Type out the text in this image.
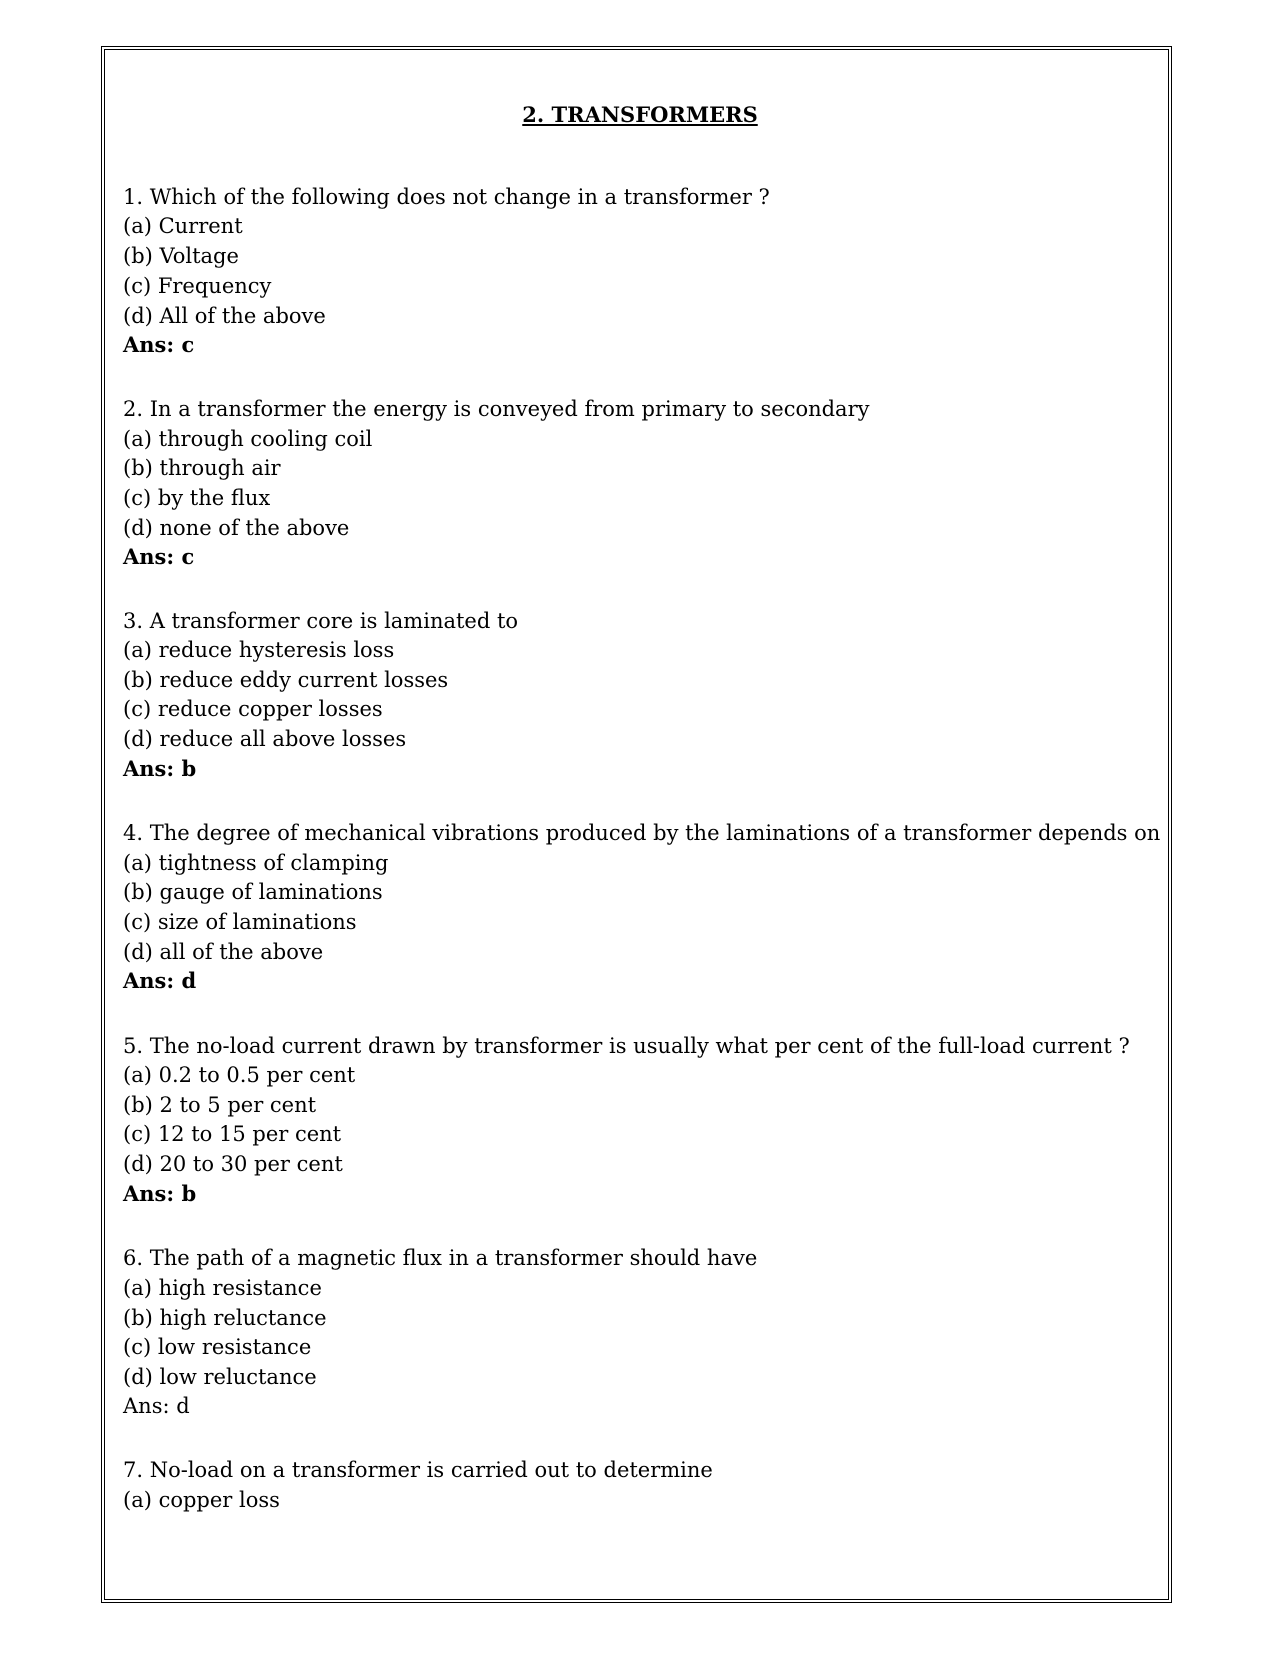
2. TRANSFORMERS
1. Which of the following does not change in a transformer ?
(a) Current
(b) Voltage
(c) Frequency
(d) All of the above
Ans: c
2. In a transformer the energy is conveyed from primary to secondary
(a) through cooling coil
(b) through air
(c) by the flux
(d) none of the above
Ans: c
3. A transformer core is laminated to
(a) reduce hysteresis loss
(b) reduce eddy current losses
(c) reduce copper losses
(d) reduce all above losses
Ans: b
4. The degree of mechanical vibrations produced by the laminations of a transformer depends on
(a) tightness of clamping
(b) gauge of laminations
(c) size of laminations
(d) all of the above
Ans: d
5. The no-load current drawn by transformer is usually what per cent of the full-load current ?
(a) 0.2 to 0.5 per cent
(b) 2 to 5 per cent
(c) 12 to 15 per cent
(d) 20 to 30 per cent
Ans: b
6. The path of a magnetic flux in a transformer should have
(a) high resistance
(b) high reluctance
(c) low resistance
(d) low reluctance
Ans: d
7. No-load on a transformer is carried out to determine
(a) copper loss
